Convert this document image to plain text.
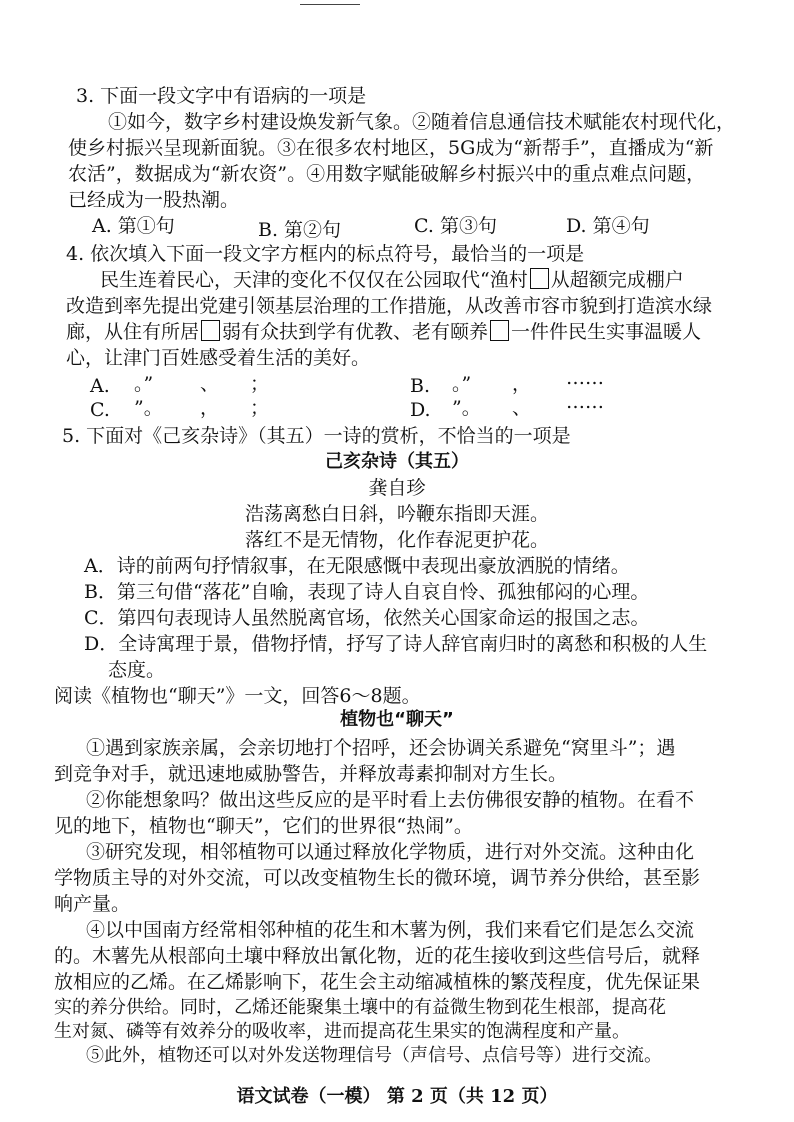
3. 下面一段文字中有语病的一项是
①如今，数字乡村建设焕发新气象。②随着信息通信技术赋能农村现代化，
使乡村振兴呈现新面貌。③在很多农村地区，5G成为“新帮手”，直播成为“新
农活”，数据成为“新农资”。④用数字赋能破解乡村振兴中的重点难点问题，
已经成为一股热潮。
A. 第①句	B. 第②句	C. 第③句	D. 第④句
4. 依次填入下面一段文字方框内的标点符号，最恰当的一项是
民生连着民心，天津的变化不仅仅在公园取代“渔村 从超额完成棚户
改造到率先提出党建引领基层治理的工作措施，从改善市容市貌到打造滨水绿
廊，从住有所居 弱有众扶到学有优教、老有颐养 一件件民生实事温暖人
心，让津门百姓感受着生活的美好。
A. 。” 、 ；	B. 。” ， ……
C. ”。 ， ；	D. ”。 、 ……
5. 下面对《己亥杂诗》（其五）一诗的赏析，不恰当的一项是
己亥杂诗（其五）
龚自珍
浩荡离愁白日斜，吟鞭东指即天涯。
落红不是无情物，化作春泥更护花。
A．诗的前两句抒情叙事，在无限感慨中表现出豪放洒脱的情绪。
B．第三句借“落花”自喻，表现了诗人自哀自怜、孤独郁闷的心理。
C．第四句表现诗人虽然脱离官场，依然关心国家命运的报国之志。
D．全诗寓理于景，借物抒情，抒写了诗人辞官南归时的离愁和积极的人生
态度。
阅读《植物也“聊天”》一文，回答6～8题。
植物也“聊天”
①遇到家族亲属，会亲切地打个招呼，还会协调关系避免“窝里斗”；遇
到竞争对手，就迅速地威胁警告，并释放毒素抑制对方生长。
②你能想象吗？做出这些反应的是平时看上去仿佛很安静的植物。在看不
见的地下，植物也“聊天”，它们的世界很“热闹”。
③研究发现，相邻植物可以通过释放化学物质，进行对外交流。这种由化
学物质主导的对外交流，可以改变植物生长的微环境，调节养分供给，甚至影
响产量。
④以中国南方经常相邻种植的花生和木薯为例，我们来看它们是怎么交流
的。木薯先从根部向土壤中释放出氰化物，近的花生接收到这些信号后，就释
放相应的乙烯。在乙烯影响下，花生会主动缩减植株的繁茂程度，优先保证果
实的养分供给。同时，乙烯还能聚集土壤中的有益微生物到花生根部，提高花
语文试卷（一模） 第 2 页（共 12 页）
生对氮、磷等有效养分的吸收率，进而提高花生果实的饱满程度和产量。
⑤此外，植物还可以对外发送物理信号（声信号、点信号等）进行交流。
